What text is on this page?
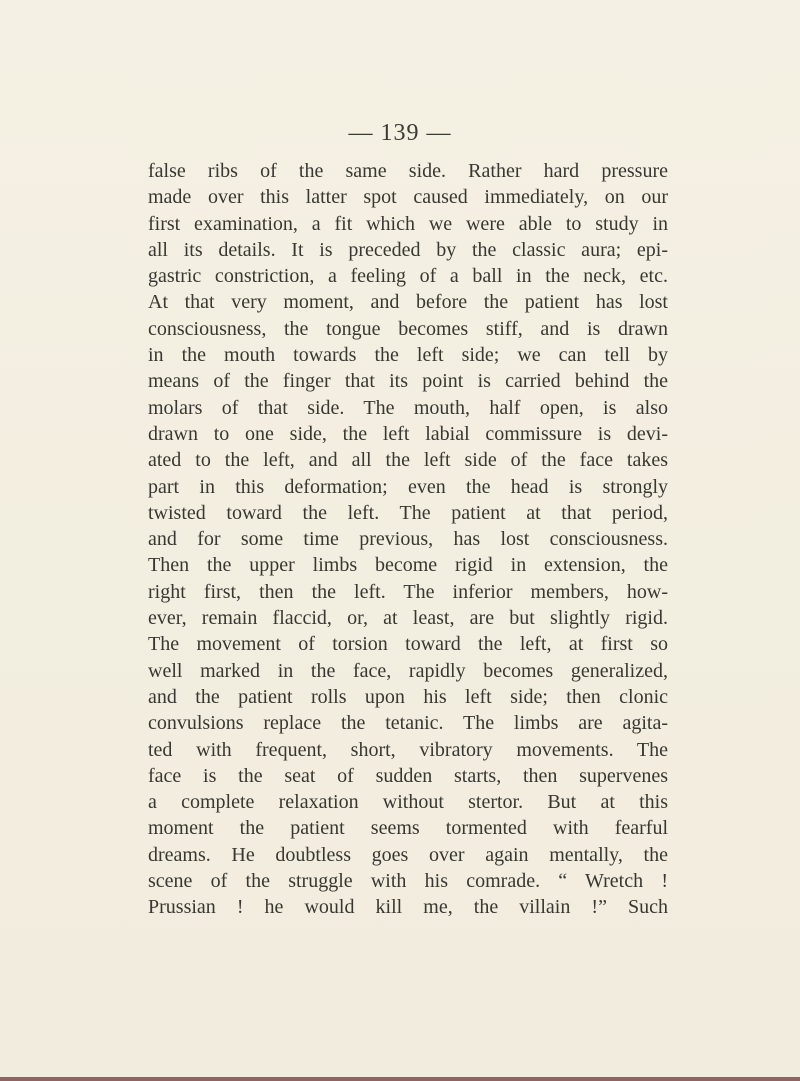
— 139 —
false ribs of the same side. Rather hard pressure
made over this latter spot caused immediately, on our
first examination, a fit which we were able to study in
all its details. It is preceded by the classic aura; epi-
gastric constriction, a feeling of a ball in the neck, etc.
At that very moment, and before the patient has lost
consciousness, the tongue becomes stiff, and is drawn
in the mouth towards the left side; we can tell by
means of the finger that its point is carried behind the
molars of that side. The mouth, half open, is also
drawn to one side, the left labial commissure is devi-
ated to the left, and all the left side of the face takes
part in this deformation; even the head is strongly
twisted toward the left. The patient at that period,
and for some time previous, has lost consciousness.
Then the upper limbs become rigid in extension, the
right first, then the left. The inferior members, how-
ever, remain flaccid, or, at least, are but slightly rigid.
The movement of torsion toward the left, at first so
well marked in the face, rapidly becomes generalized,
and the patient rolls upon his left side; then clonic
convulsions replace the tetanic. The limbs are agita-
ted with frequent, short, vibratory movements. The
face is the seat of sudden starts, then supervenes
a complete relaxation without stertor. But at this
moment the patient seems tormented with fearful
dreams. He doubtless goes over again mentally, the
scene of the struggle with his comrade. “ Wretch !
Prussian ! he would kill me, the villain !” Such
